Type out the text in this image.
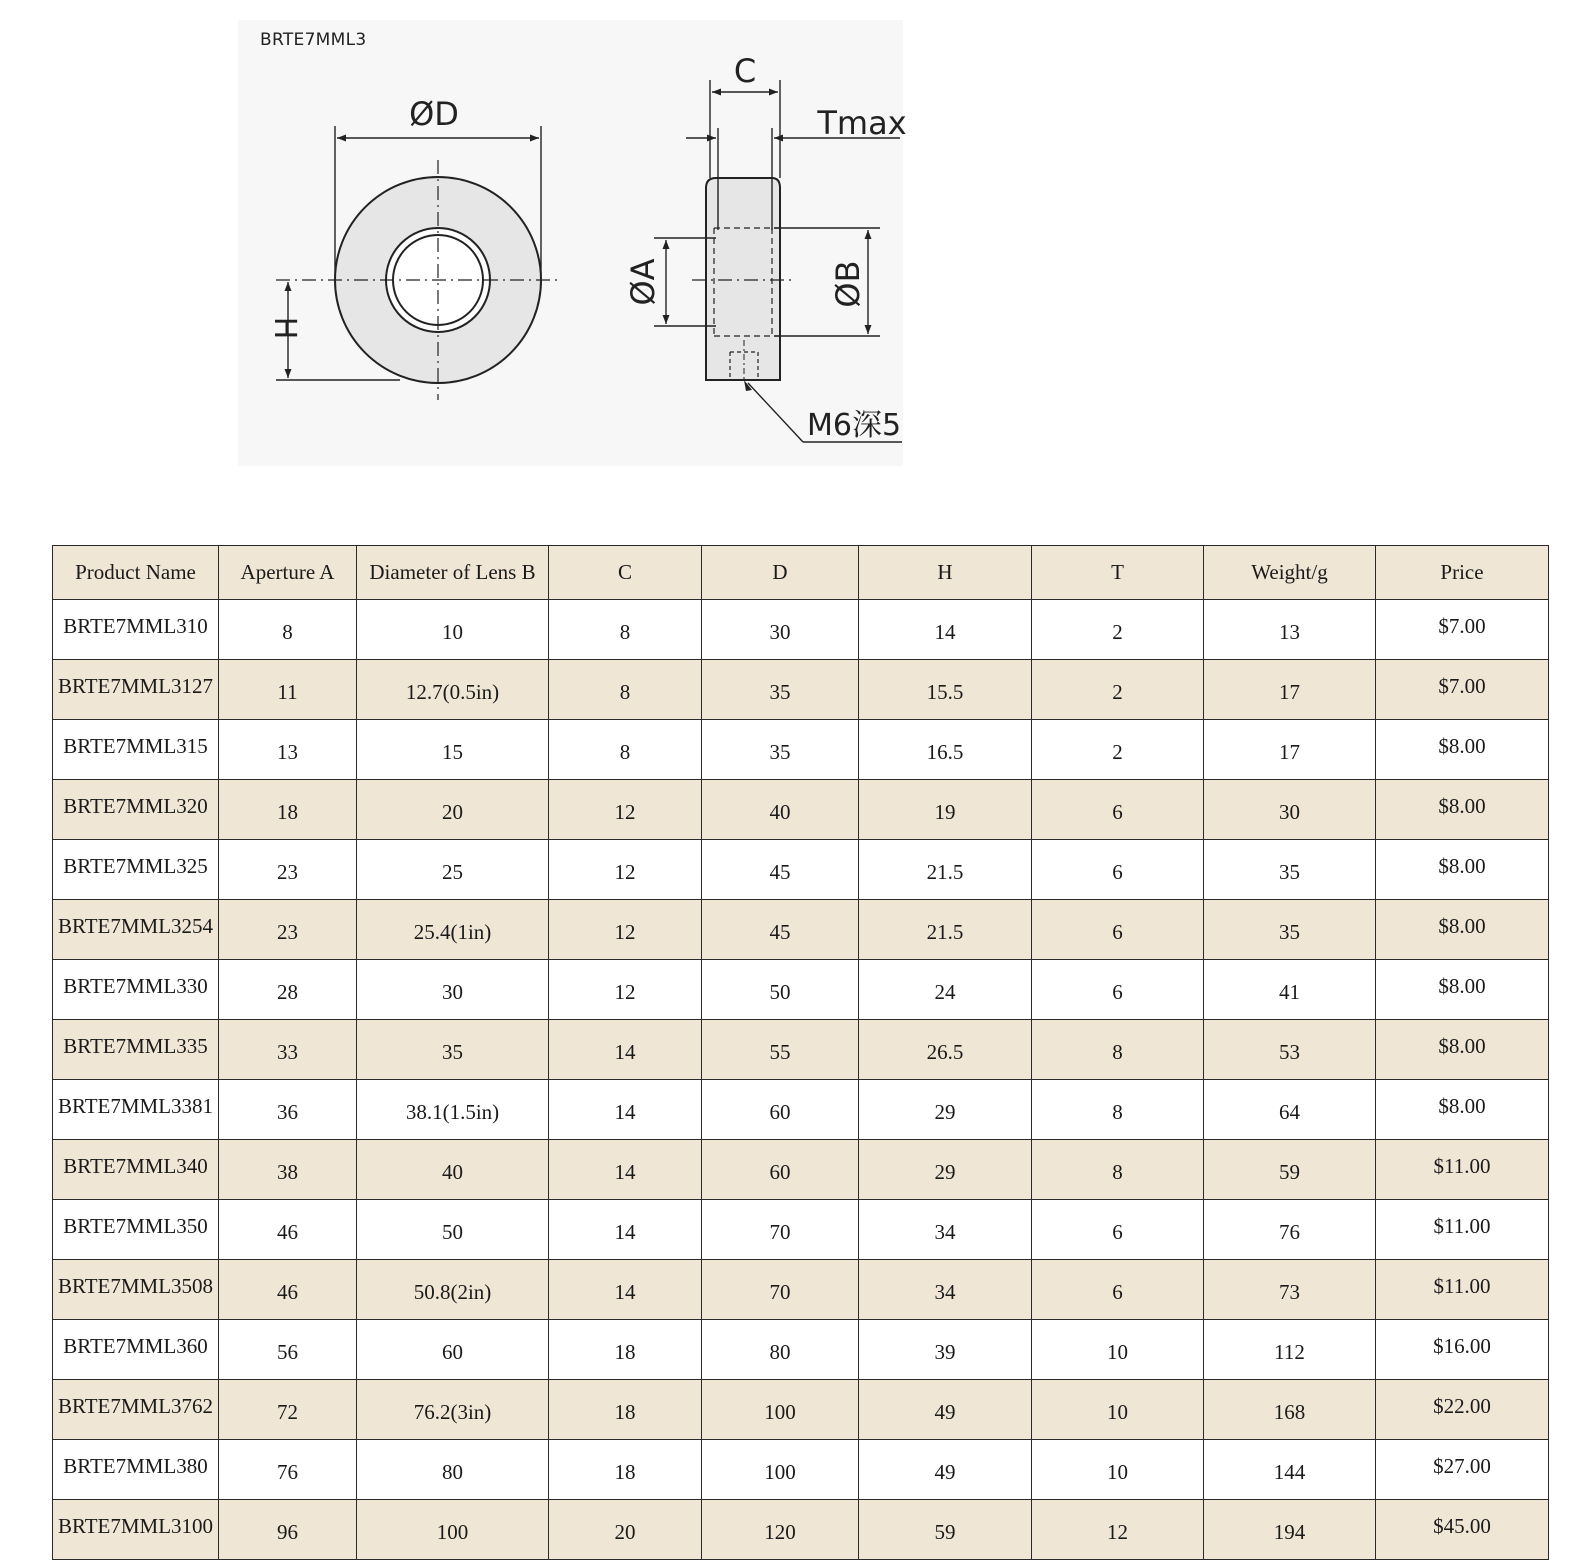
BRTE7MML3
ØD
H
C
Tmax
ØA	ØB
M6深5
Product Name	Aperture A	Diameter of Lens B	C	D	H	T	Weight/g	Price
BRTE7MML310	8	10	8	30	14	2	13	$7.00
BRTE7MML3127	11	12.7(0.5in)	8	35	15.5	2	17	$7.00
BRTE7MML315	13	15	8	35	16.5	2	17	$8.00
BRTE7MML320	18	20	12	40	19	6	30	$8.00
BRTE7MML325	23	25	12	45	21.5	6	35	$8.00
BRTE7MML3254	23	25.4(1in)	12	45	21.5	6	35	$8.00
BRTE7MML330	28	30	12	50	24	6	41	$8.00
BRTE7MML335	33	35	14	55	26.5	8	53	$8.00
BRTE7MML3381	36	38.1(1.5in)	14	60	29	8	64	$8.00
BRTE7MML340	38	40	14	60	29	8	59	$11.00
BRTE7MML350	46	50	14	70	34	6	76	$11.00
BRTE7MML3508	46	50.8(2in)	14	70	34	6	73	$11.00
BRTE7MML360	56	60	18	80	39	10	112	$16.00
BRTE7MML3762	72	76.2(3in)	18	100	49	10	168	$22.00
BRTE7MML380	76	80	18	100	49	10	144	$27.00
BRTE7MML3100	96	100	20	120	59	12	194	$45.00
